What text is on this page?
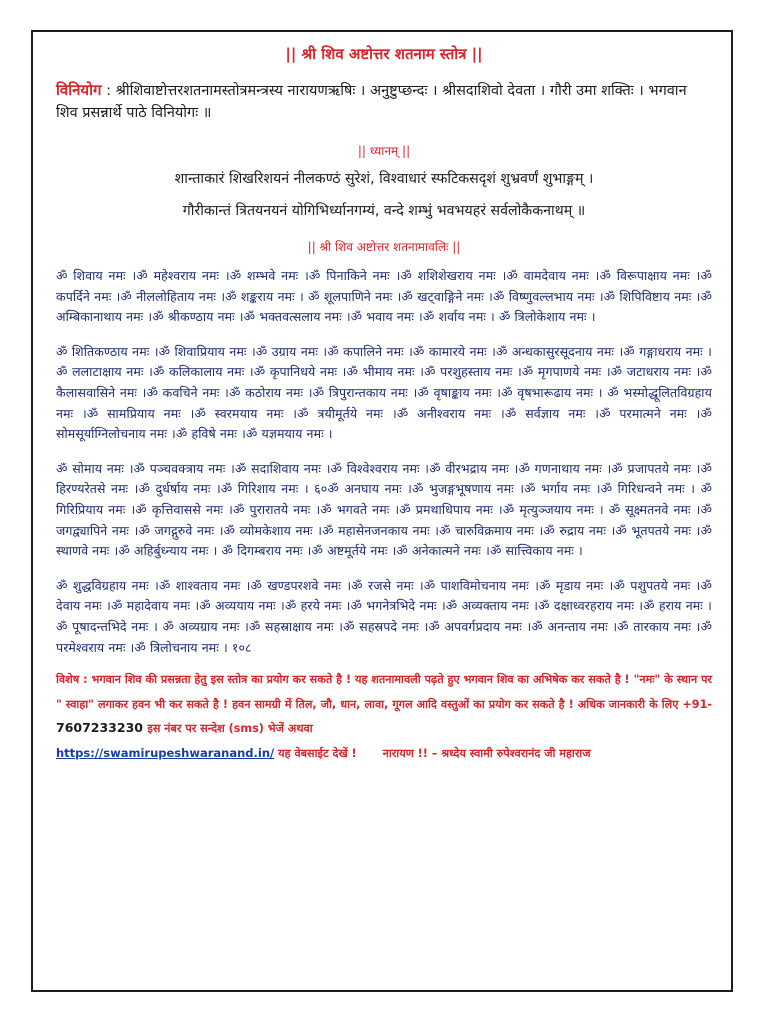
|| श्री शिव अष्टोत्तर शतनाम स्तोत्र ||

विनियोग : श्रीशिवाष्टोत्तरशतनामस्तोत्रमन्त्रस्य नारायणऋषिः । अनुष्टुप्छन्दः । श्रीसदाशिवो देवता । गौरी उमा शक्तिः । भगवान शिव प्रसन्नार्थे पाठे विनियोगः ॥
|| ध्यानम् ||
शान्ताकारं शिखरिशयनं नीलकण्ठं सुरेशं, विश्वाधारं स्फटिकसदृशं शुभ्रवर्णं शुभाङ्गम् ।
गौरीकान्तं त्रितयनयनं योगिभिर्ध्यानगम्यं, वन्दे शम्भुं भवभयहरं सर्वलोकैकनाथम् ॥
|| श्री शिव अष्टोत्तर शतनामावलिः ||
ॐ शिवाय नमः ।ॐ महेश्वराय नमः ।ॐ शम्भवे नमः ।ॐ पिनाकिने नमः ।ॐ शशिशेखराय नमः ।ॐ वामदेवाय नमः ।ॐ विरूपाक्षाय नमः ।ॐ कपर्दिने नमः ।ॐ नीललोहिताय नमः ।ॐ शङ्कराय नमः । ॐ शूलपाणिने नमः ।ॐ खट्वाङ्गिने नमः ।ॐ विष्णुवल्लभाय नमः ।ॐ शिपिविष्टाय नमः ।ॐ अम्बिकानाथाय नमः ।ॐ श्रीकण्ठाय नमः ।ॐ भक्तवत्सलाय नमः ।ॐ भवाय नमः ।ॐ शर्वाय नमः । ॐ त्रिलोकेशाय नमः ।
ॐ शितिकण्ठाय नमः ।ॐ शिवाप्रियाय नमः ।ॐ उग्राय नमः ।ॐ कपालिने नमः ।ॐ कामारये नमः ।ॐ अन्धकासुरसूदनाय नमः ।ॐ गङ्गाधराय नमः ।ॐ ललाटाक्षाय नमः ।ॐ कलिकालाय नमः ।ॐ कृपानिधये नमः ।ॐ भीमाय नमः ।ॐ परशुहस्ताय नमः ।ॐ मृगपाणये नमः ।ॐ जटाधराय नमः ।ॐ कैलासवासिने नमः ।ॐ कवचिने नमः ।ॐ कठोराय नमः ।ॐ त्रिपुरान्तकाय नमः ।ॐ वृषाङ्काय नमः ।ॐ वृषभारूढाय नमः । ॐ भस्मोद्धूलितविग्रहाय नमः ।ॐ सामप्रियाय नमः ।ॐ स्वरमयाय नमः ।ॐ त्रयीमूर्तये नमः ।ॐ अनीश्वराय नमः ।ॐ सर्वज्ञाय नमः ।ॐ परमात्मने नमः ।ॐ सोमसूर्याग्निलोचनाय नमः ।ॐ हविषे नमः ।ॐ यज्ञमयाय नमः ।
ॐ सोमाय नमः ।ॐ पञ्चवक्त्राय नमः ।ॐ सदाशिवाय नमः ।ॐ विश्वेश्वराय नमः ।ॐ वीरभद्राय नमः ।ॐ गणनाथाय नमः ।ॐ प्रजापतये नमः ।ॐ हिरण्यरेतसे नमः ।ॐ दुर्धर्षाय नमः ।ॐ गिरिशाय नमः । ६०ॐ अनघाय नमः ।ॐ भुजङ्गभूषणाय नमः ।ॐ भर्गाय नमः ।ॐ गिरिधन्वने नमः । ॐ गिरिप्रियाय नमः ।ॐ कृत्तिवाससे नमः ।ॐ पुरारातये नमः ।ॐ भगवते नमः ।ॐ प्रमथाधिपाय नमः ।ॐ मृत्युञ्जयाय नमः । ॐ सूक्ष्मतनवे नमः ।ॐ जगद्व्यापिने नमः ।ॐ जगद्गुरुवे नमः ।ॐ व्योमकेशाय नमः ।ॐ महासेनजनकाय नमः ।ॐ चारुविक्रमाय नमः ।ॐ रुद्राय नमः ।ॐ भूतपतये नमः ।ॐ स्थाणवे नमः ।ॐ अहिर्बुध्न्याय नमः । ॐ दिगम्बराय नमः ।ॐ अष्टमूर्तये नमः ।ॐ अनेकात्मने नमः ।ॐ सात्त्विकाय नमः ।
ॐ शुद्धविग्रहाय नमः ।ॐ शाश्वताय नमः ।ॐ खण्डपरशवे नमः ।ॐ रजसे नमः ।ॐ पाशविमोचनाय नमः ।ॐ मृडाय नमः ।ॐ पशुपतये नमः ।ॐ देवाय नमः ।ॐ महादेवाय नमः ।ॐ अव्ययाय नमः ।ॐ हरये नमः ।ॐ भगनेत्रभिदे नमः ।ॐ अव्यक्ताय नमः ।ॐ दक्षाध्वरहराय नमः ।ॐ हराय नमः ।ॐ पूषादन्तभिदे नमः । ॐ अव्यग्राय नमः ।ॐ सहस्राक्षाय नमः ।ॐ सहस्रपदे नमः ।ॐ अपवर्गप्रदाय नमः ।ॐ अनन्ताय नमः ।ॐ तारकाय नमः ।ॐ परमेश्वराय नमः ।ॐ त्रिलोचनाय नमः । १०८
विशेष : भगवान शिव की प्रसन्नता हेतु इस स्तोत्र का प्रयोग कर सकते है ! यह शतनामावली पढ़ते हुए भगवान शिव का अभिषेक कर सकते है ! "नमः" के स्थान पर " स्वाहा" लगाकर हवन भी कर सकते है ! हवन सामग्री में तिल, जौ, धान, लावा, गूगल आदि वस्तुओं का प्रयोग कर सकते है ! अधिक जानकारी के लिए +91- 7607233230 इस नंबर पर सन्देश (sms) भेजें अथवा
https://swamirupeshwaranand.in/ यह वेबसाईट देखें ! नारायण !! – श्रध्देय स्वामी रुपेश्वरानंद जी महाराज
